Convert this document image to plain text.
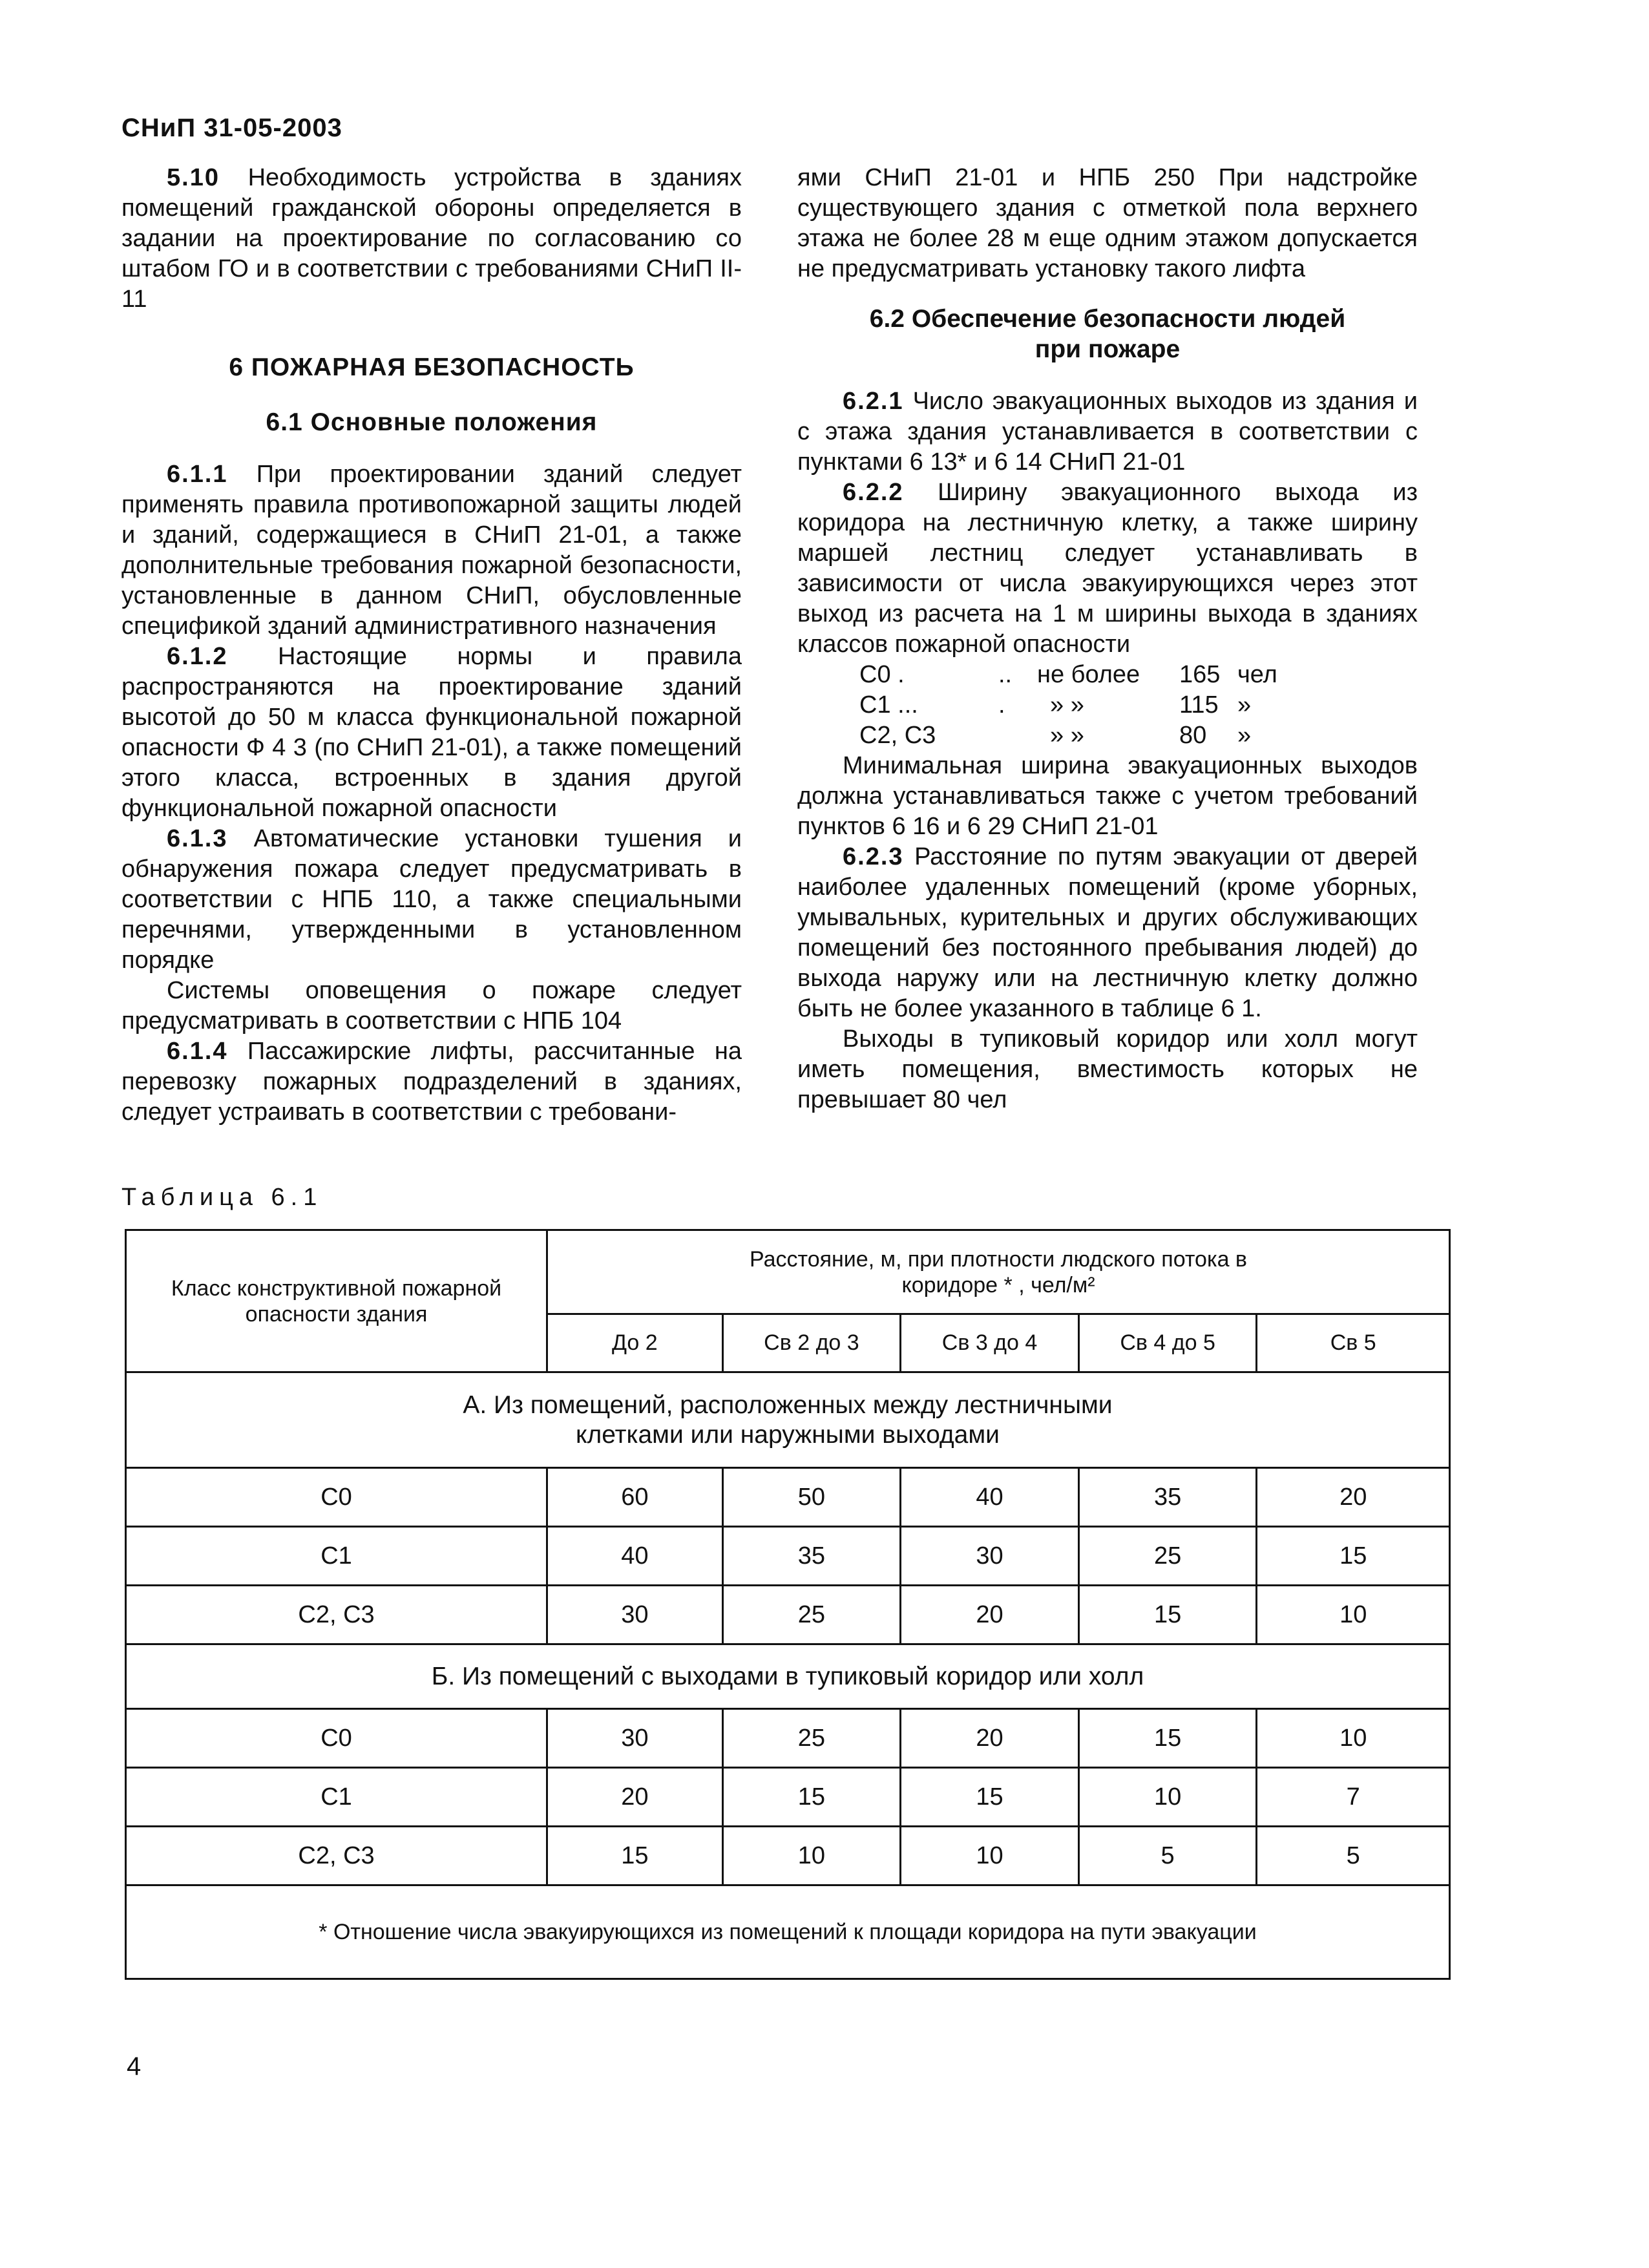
СНиП 31-05-2003

5.10 Необходимость устройства в зданиях помещений гражданской обороны определяется в задании на проектирование по согласованию со штабом ГО и в соответствии с требованиями СНиП II-11

6 ПОЖАРНАЯ БЕЗОПАСНОСТЬ
6.1 Основные положения

6.1.1 При проектировании зданий следует применять правила противопожарной защиты людей и зданий, содержащиеся в СНиП 21-01, а также дополнительные требования пожарной безопасности, установленные в данном СНиП, обусловленные спецификой зданий административного назначения

6.1.2 Настоящие нормы и правила распространяются на проектирование зданий высотой до 50 м класса функциональной пожарной опасности Ф 4 3 (по СНиП 21-01), а также помещений этого класса, встроенных в здания другой функциональной пожарной опасности

6.1.3 Автоматические установки тушения и обнаружения пожара следует предусматривать в соответствии с НПБ 110, а также специальными перечнями, утвержденными в установленном порядке

Системы оповещения о пожаре следует предусматривать в соответствии с НПБ 104

6.1.4 Пассажирские лифты, рассчитанные на перевозку пожарных подразделений в зданиях, следует устраивать в соответствии с требовани-

ями СНиП 21-01 и НПБ 250 При надстройке существующего здания с отметкой пола верхнего этажа не более 28 м еще одним этажом допускается не предусматривать установку такого лифта

6.2 Обеспечение безопасности людей
при пожаре

6.2.1 Число эвакуационных выходов из здания и с этажа здания устанавливается в соответствии с пунктами 6 13* и 6 14 СНиП 21-01

6.2.2 Ширину эвакуационного выхода из коридора на лестничную клетку, а также ширину маршей лестниц следует устанавливать в зависимости от числа эвакуирующихся через этот выход из расчета на 1 м ширины выхода в зданиях классов пожарной опасности

С0 .	..	не более	165 чел
С1 ...	.	» »	115 »
С2, С3	» »	80	»

Минимальная ширина эвакуационных выходов должна устанавливаться также с учетом требований пунктов 6 16 и 6 29 СНиП 21-01

6.2.3 Расстояние по путям эвакуации от дверей наиболее удаленных помещений (кроме уборных, умывальных, курительных и других обслуживающих помещений без постоянного пребывания людей) до выхода наружу или на лестничную клетку должно быть не более указанного в таблице 6 1.

Выходы в тупиковый коридор или холл могут иметь помещения, вместимость которых не превышает 80 чел

Таблица 6.1
Класс конструктивной пожарной опасности здания	Расстояние, м, при плотности людского потока в коридоре * , чел/м²				
	До 2	Св 2 до 3	Св 3 до 4	Св 4 до 5	Св 5
А. Из помещений, расположенных между лестничными клетками или наружными выходами					
С0	60	50	40	35	20
С1	40	35	30	25	15
С2, С3	30	25	20	15	10
Б. Из помещений с выходами в тупиковый коридор или холл					
С0	30	25	20	15	10
С1	20	15	15	10	7
С2, С3	15	10	10	5	5
* Отношение числа эвакуирующихся из помещений к площади коридора на пути эвакуации					
4
